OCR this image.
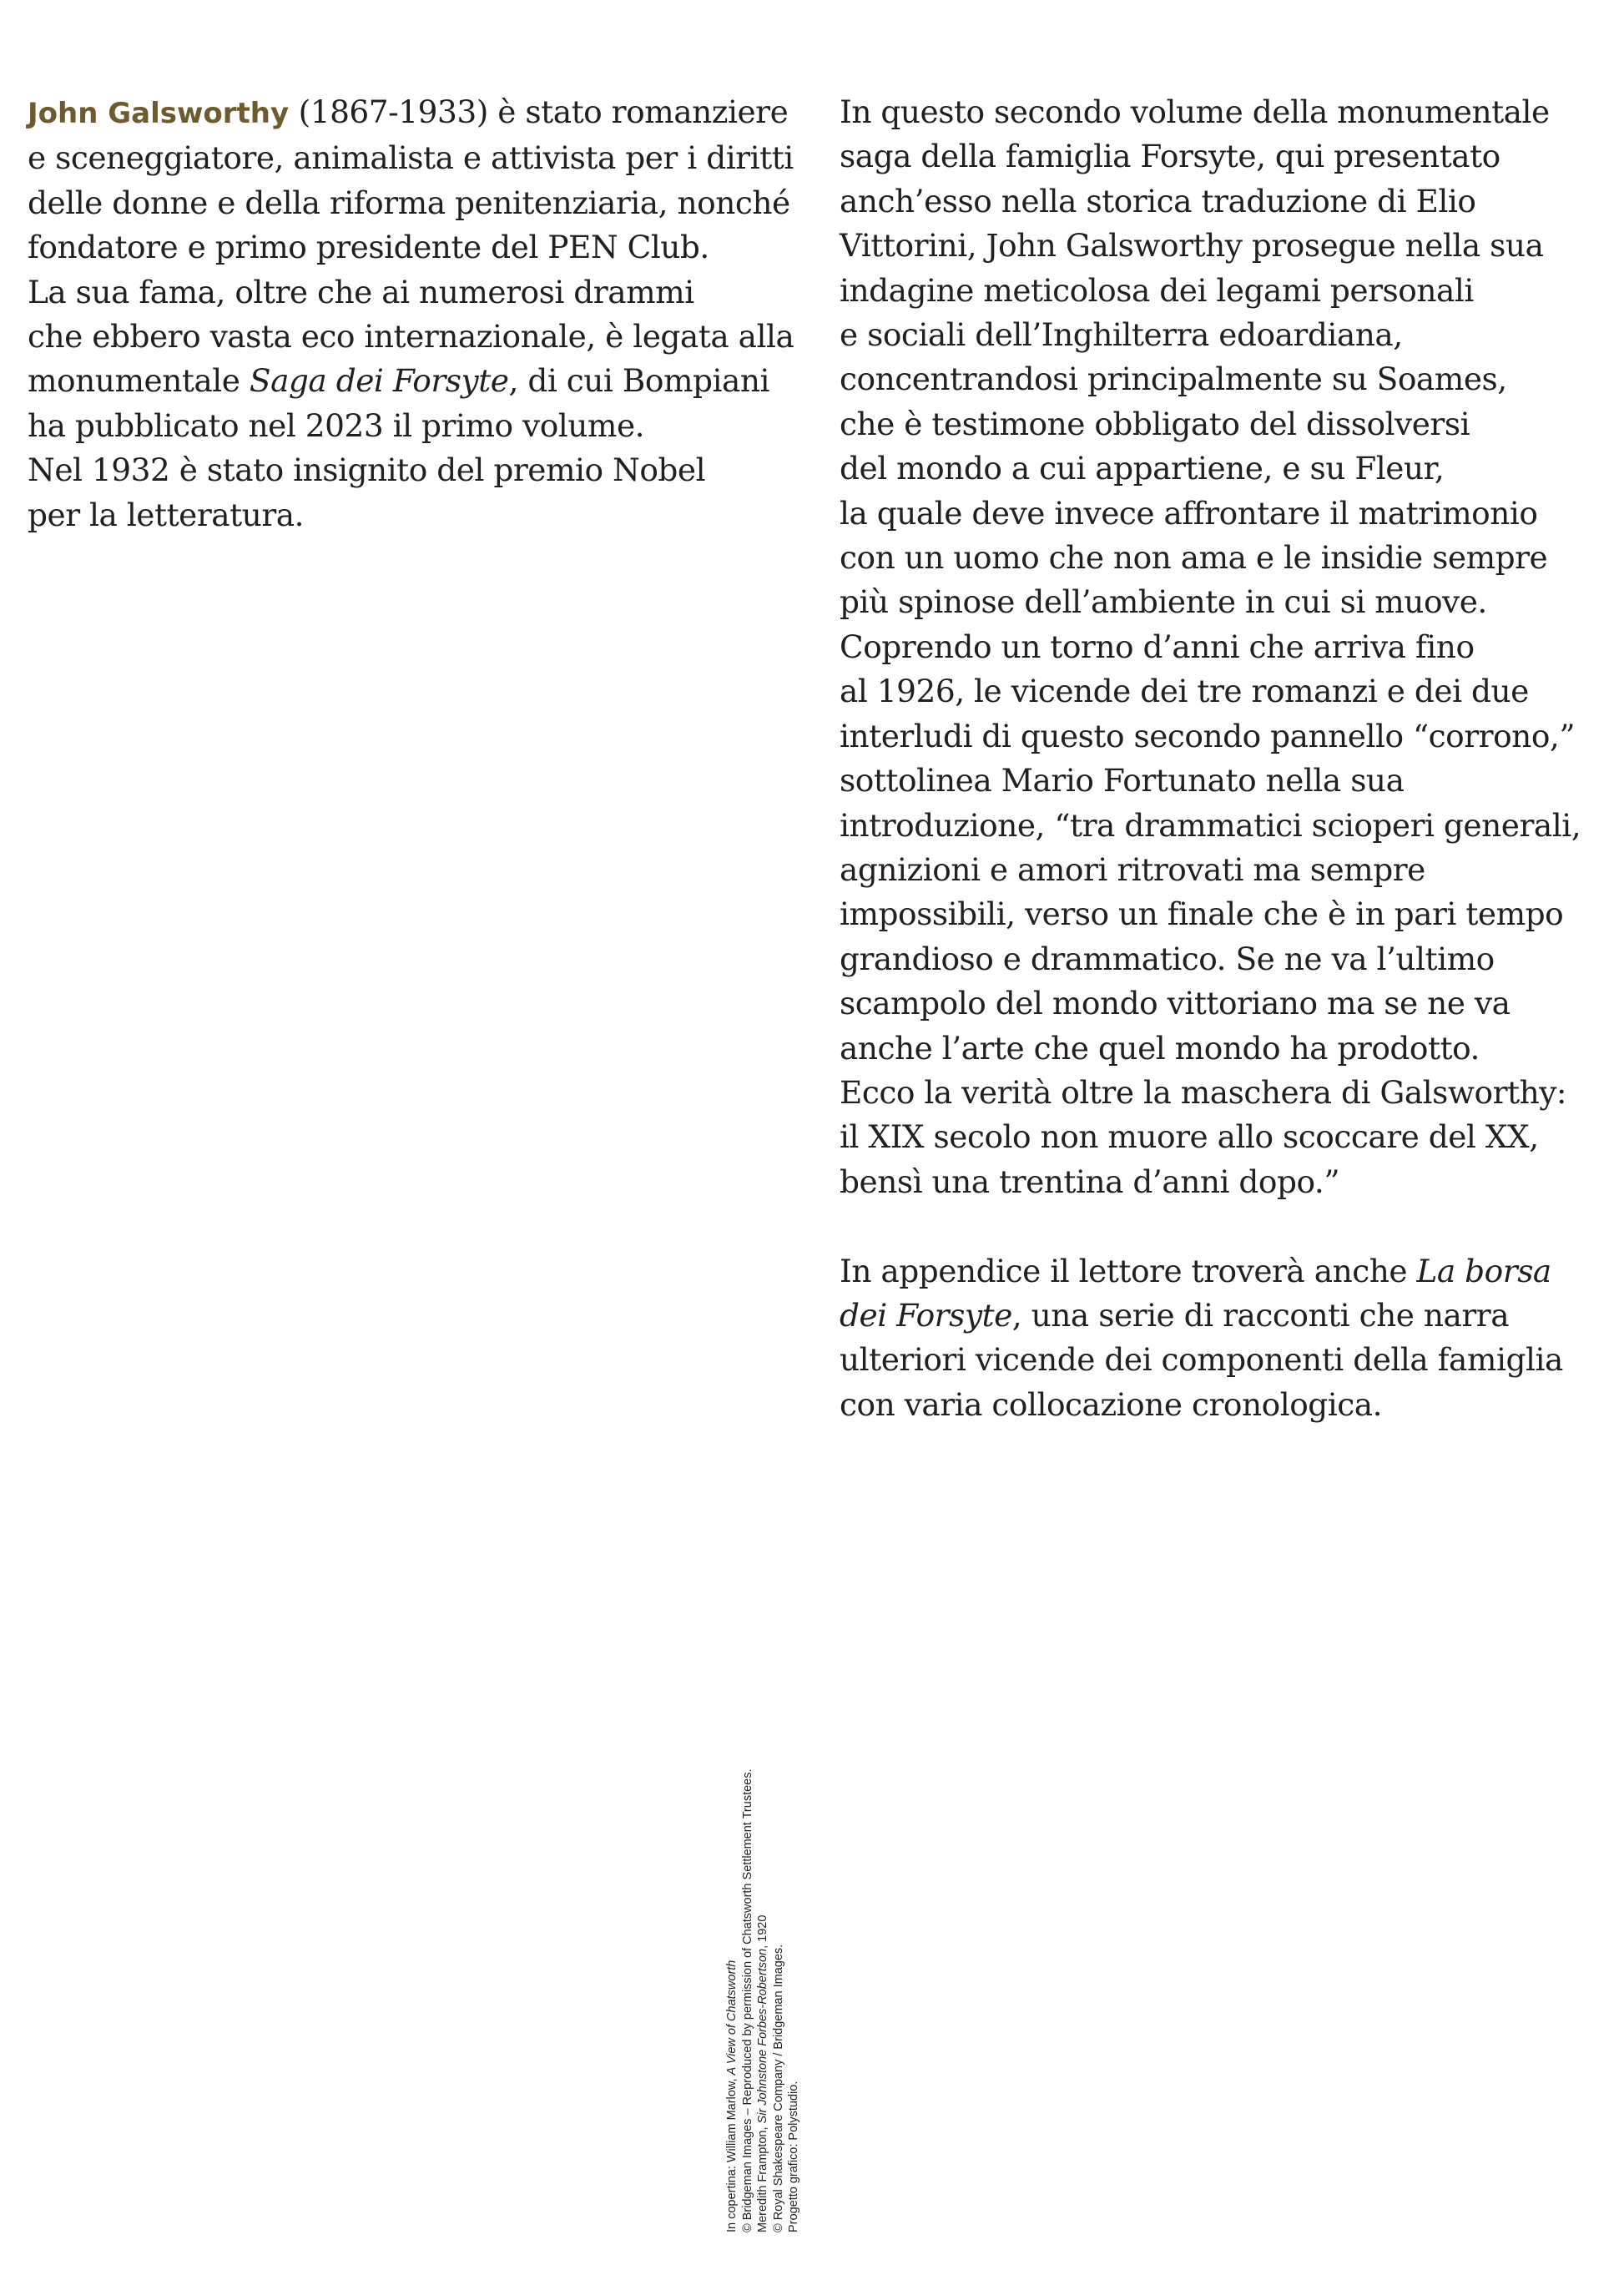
John Galsworthy (1867-1933) è stato romanziere
e sceneggiatore, animalista e attivista per i diritti
delle donne e della riforma penitenziaria, nonché
fondatore e primo presidente del PEN Club.
La sua fama, oltre che ai numerosi drammi
che ebbero vasta eco internazionale, è legata alla
monumentale Saga dei Forsyte, di cui Bompiani
ha pubblicato nel 2023 il primo volume.
Nel 1932 è stato insignito del premio Nobel
per la letteratura.
In questo secondo volume della monumentale
saga della famiglia Forsyte, qui presentato
anch’esso nella storica traduzione di Elio
Vittorini, John Galsworthy prosegue nella sua
indagine meticolosa dei legami personali
e sociali dell’Inghilterra edoardiana,
concentrandosi principalmente su Soames,
che è testimone obbligato del dissolversi
del mondo a cui appartiene, e su Fleur,
la quale deve invece affrontare il matrimonio
con un uomo che non ama e le insidie sempre
più spinose dell’ambiente in cui si muove.
Coprendo un torno d’anni che arriva fino
al 1926, le vicende dei tre romanzi e dei due
interludi di questo secondo pannello “corrono,”
sottolinea Mario Fortunato nella sua
introduzione, “tra drammatici scioperi generali,
agnizioni e amori ritrovati ma sempre
impossibili, verso un finale che è in pari tempo
grandioso e drammatico. Se ne va l’ultimo
scampolo del mondo vittoriano ma se ne va
anche l’arte che quel mondo ha prodotto.
Ecco la verità oltre la maschera di Galsworthy:
il XIX secolo non muore allo scoccare del XX,
bensì una trentina d’anni dopo.”
In appendice il lettore troverà anche La borsa
dei Forsyte, una serie di racconti che narra
ulteriori vicende dei componenti della famiglia
con varia collocazione cronologica.
In copertina: William Marlow, A View of Chatsworth © Bridgeman Images – Reproduced by permission of Chatsworth Settlement Trustees. Meredith Frampton, Sir Johnstone Forbes-Robertson, 1920
© Royal Shakespeare Company / Bridgeman Images. Progetto grafico: Polystudio.
